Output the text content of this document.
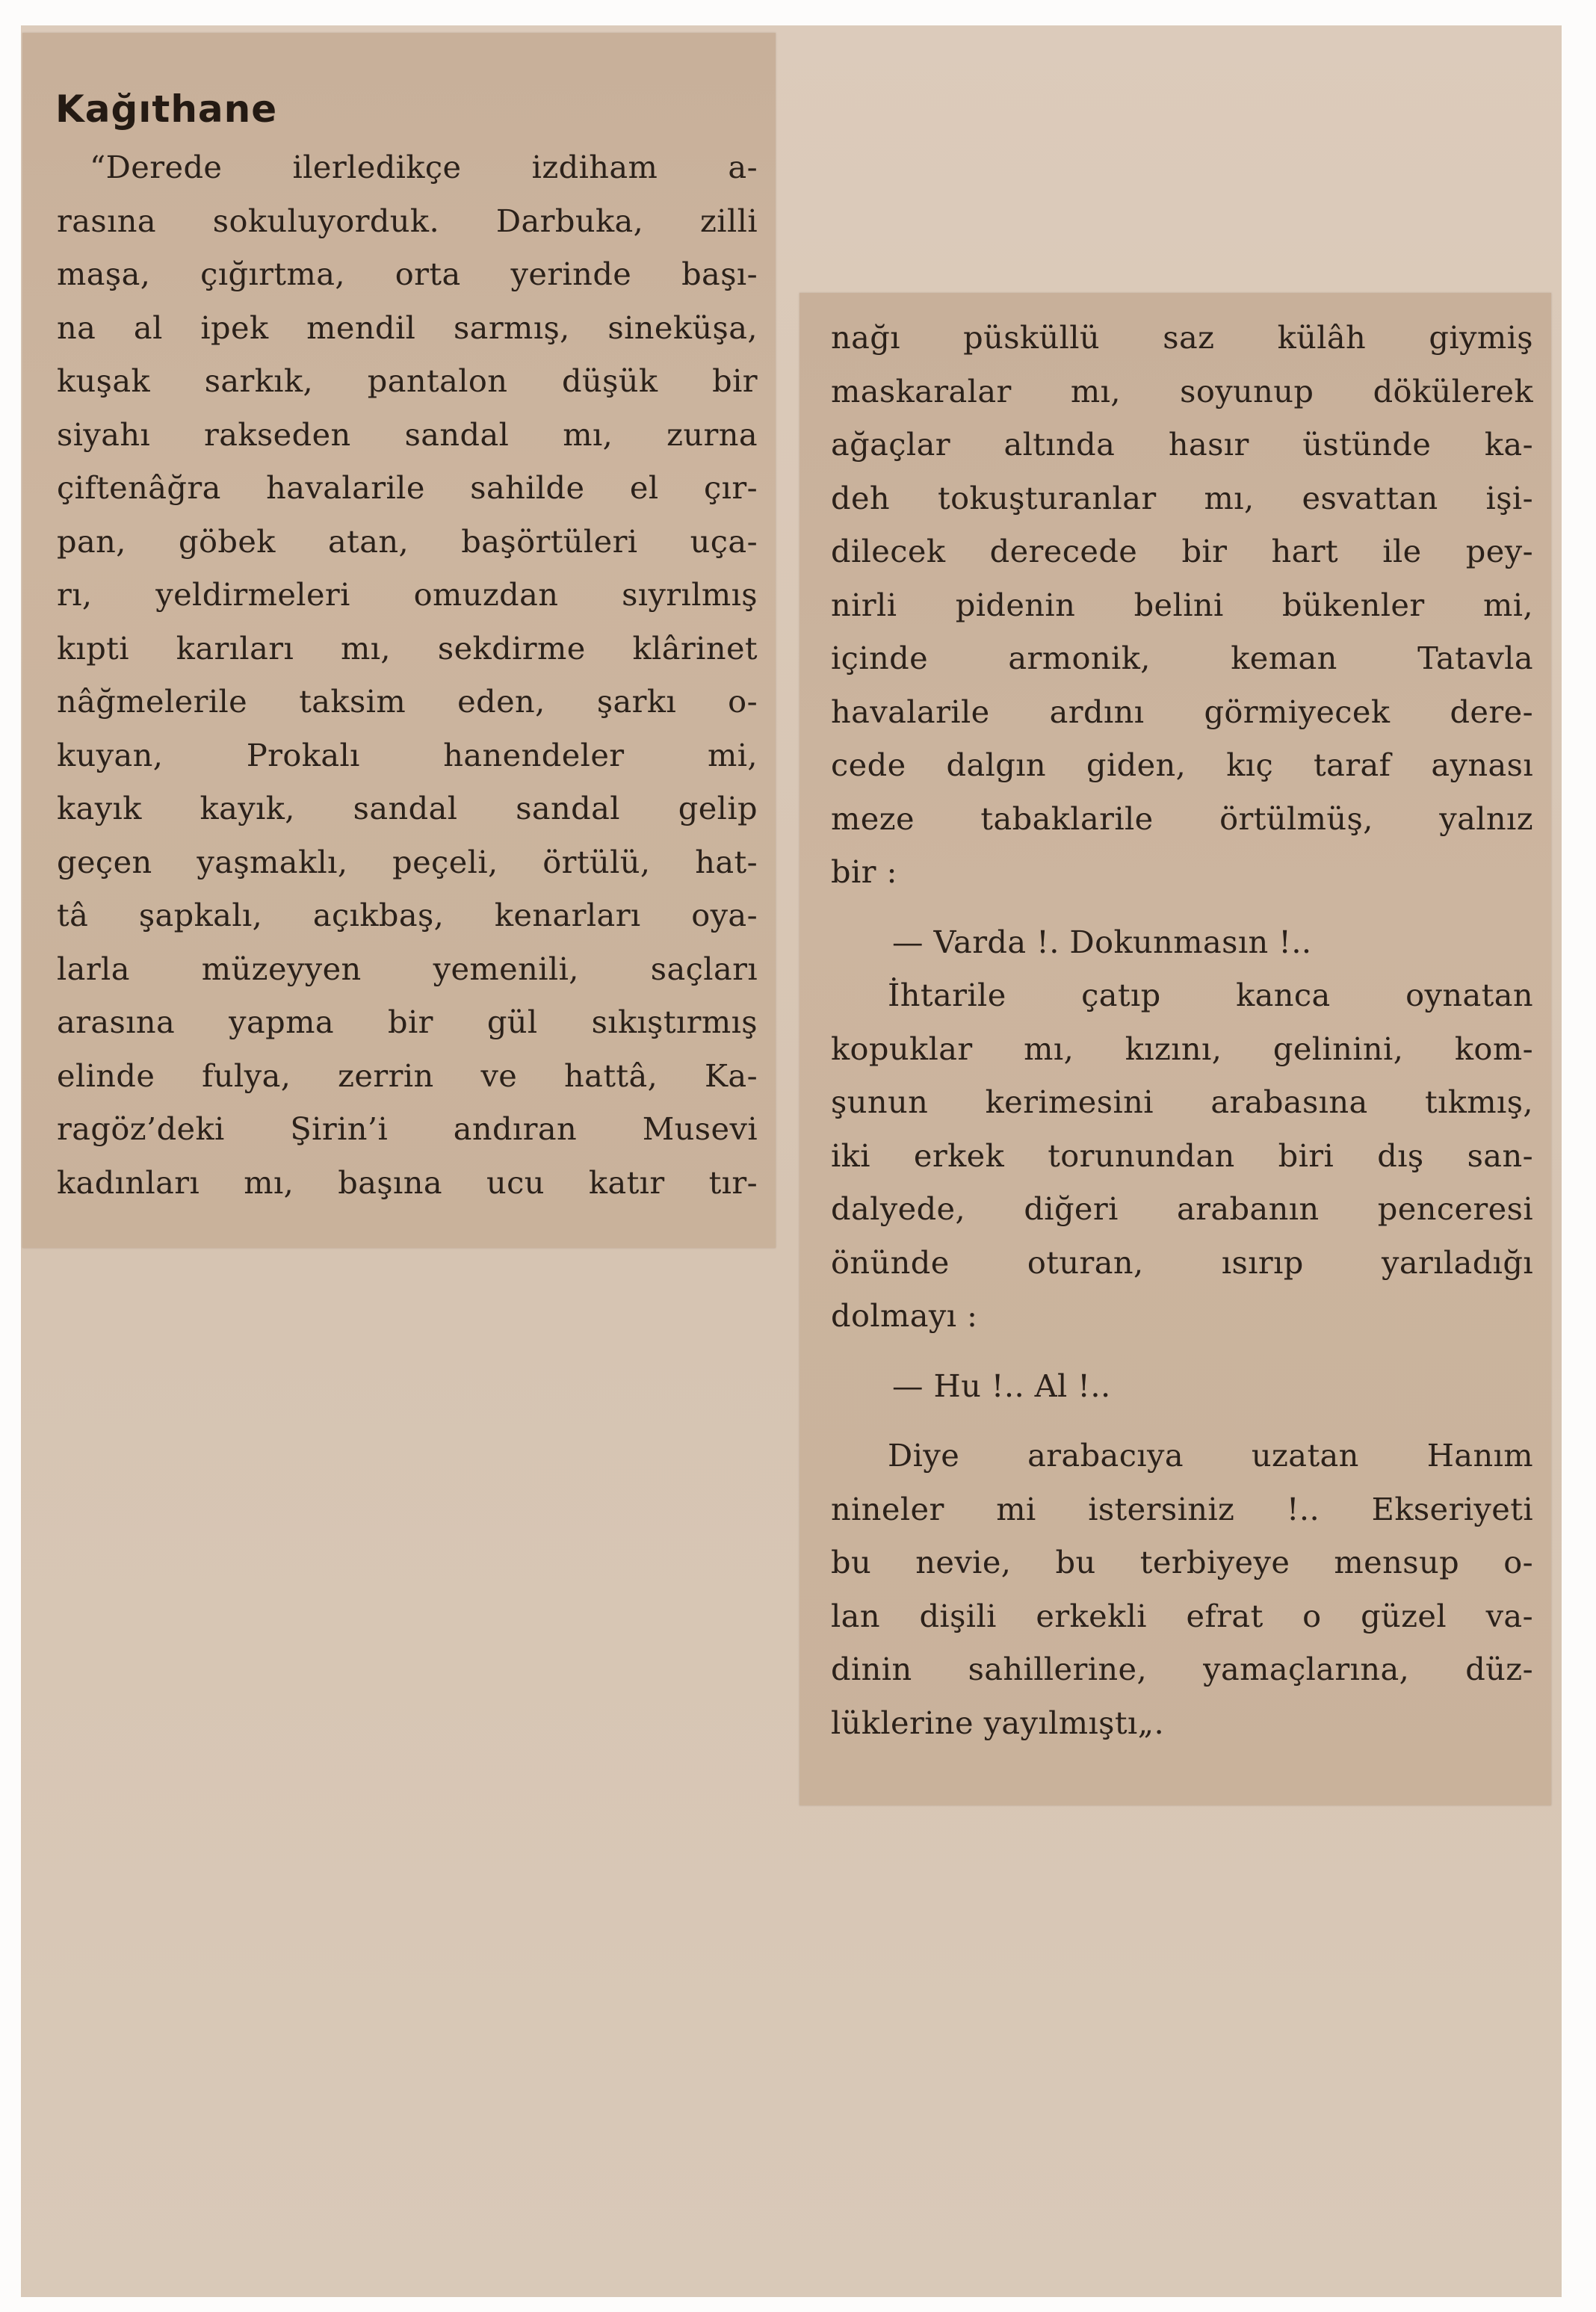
Kağıthane
“Derede ilerledikçe izdiham a-
rasına sokuluyorduk. Darbuka, zilli
maşa, çığırtma, orta yerinde başı-
na al ipek mendil sarmış, sineküşa,
kuşak sarkık, pantalon düşük bir
siyahı rakseden sandal mı, zurna
çiftenâğra havalarile sahilde el çır-
pan, göbek atan, başörtüleri uça-
rı, yeldirmeleri omuzdan sıyrılmış
kıpti karıları mı, sekdirme klârinet
nâğmelerile taksim eden, şarkı o-
kuyan, Prokalı hanendeler mi,
kayık kayık, sandal sandal gelip
geçen yaşmaklı, peçeli, örtülü, hat-
tâ şapkalı, açıkbaş, kenarları oya-
larla müzeyyen yemenili, saçları
arasına yapma bir gül sıkıştırmış
elinde fulya, zerrin ve hattâ, Ka-
ragöz’deki Şirin’i andıran Musevi
kadınları mı, başına ucu katır tır-
nağı püsküllü saz külâh giymiş
maskaralar mı, soyunup dökülerek
ağaçlar altında hasır üstünde ka-
deh tokuşturanlar mı, esvattan işi-
dilecek derecede bir hart ile pey-
nirli pidenin belini bükenler mi,
içinde armonik, keman Tatavla
havalarile ardını görmiyecek dere-
cede dalgın giden, kıç taraf aynası
meze tabaklarile örtülmüş, yalnız
bir :
— Varda !. Dokunmasın !..
İhtarile çatıp kanca oynatan
kopuklar mı, kızını, gelinini, kom-
şunun kerimesini arabasına tıkmış,
iki erkek torunundan biri dış san-
dalyede, diğeri arabanın penceresi
önünde oturan, ısırıp yarıladığı
dolmayı :
— Hu !.. Al !..
Diye arabacıya uzatan Hanım
nineler mi istersiniz !.. Ekseriyeti
bu nevie, bu terbiyeye mensup o-
lan dişili erkekli efrat o güzel va-
dinin sahillerine, yamaçlarına, düz-
lüklerine yayılmıştı„.
